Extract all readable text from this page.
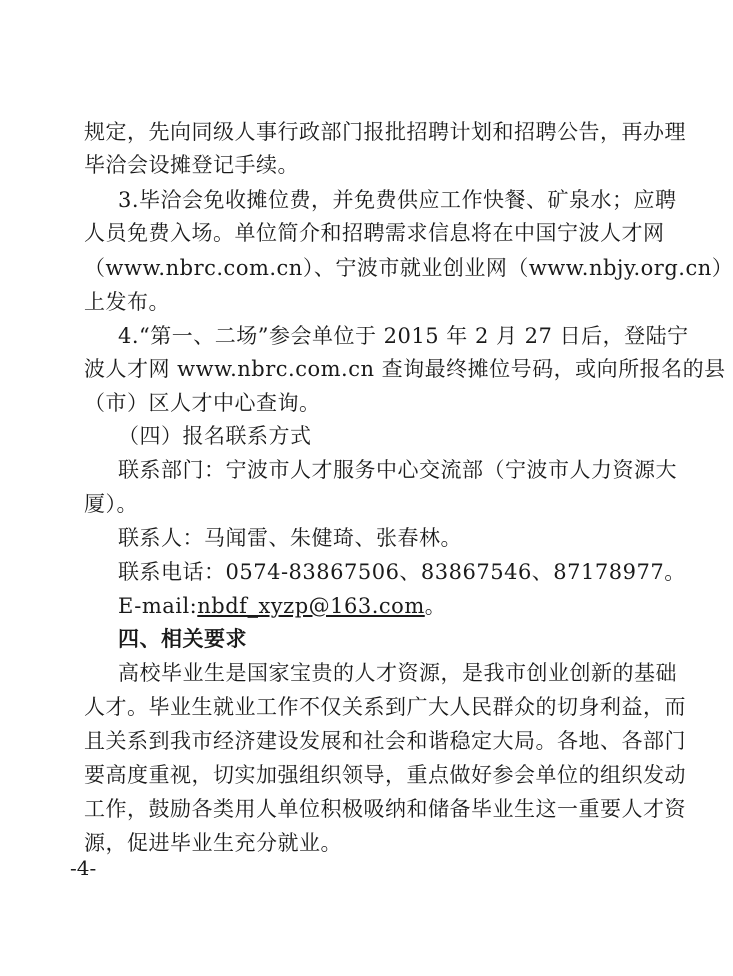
规定，先向同级人事行政部门报批招聘计划和招聘公告，再办理
毕洽会设摊登记手续。
3.毕洽会免收摊位费，并免费供应工作快餐、矿泉水；应聘
人员免费入场。单位简介和招聘需求信息将在中国宁波人才网
（www.nbrc.com.cn）、宁波市就业创业网（www.nbjy.org.cn）
上发布。
4.“第一、二场”参会单位于 2015 年 2 月 27 日后，登陆宁
波人才网 www.nbrc.com.cn 查询最终摊位号码，或向所报名的县
（市）区人才中心查询。
（四）报名联系方式
联系部门：宁波市人才服务中心交流部（宁波市人力资源大
厦）。
联系人：马闻雷、朱健琦、张春林。
联系电话：0574-83867506、83867546、87178977。
E-mail:nbdf_xyzp@163.com。
四、相关要求
高校毕业生是国家宝贵的人才资源，是我市创业创新的基础
人才。毕业生就业工作不仅关系到广大人民群众的切身利益，而
且关系到我市经济建设发展和社会和谐稳定大局。各地、各部门
要高度重视，切实加强组织领导，重点做好参会单位的组织发动
工作，鼓励各类用人单位积极吸纳和储备毕业生这一重要人才资
源，促进毕业生充分就业。
-4-
